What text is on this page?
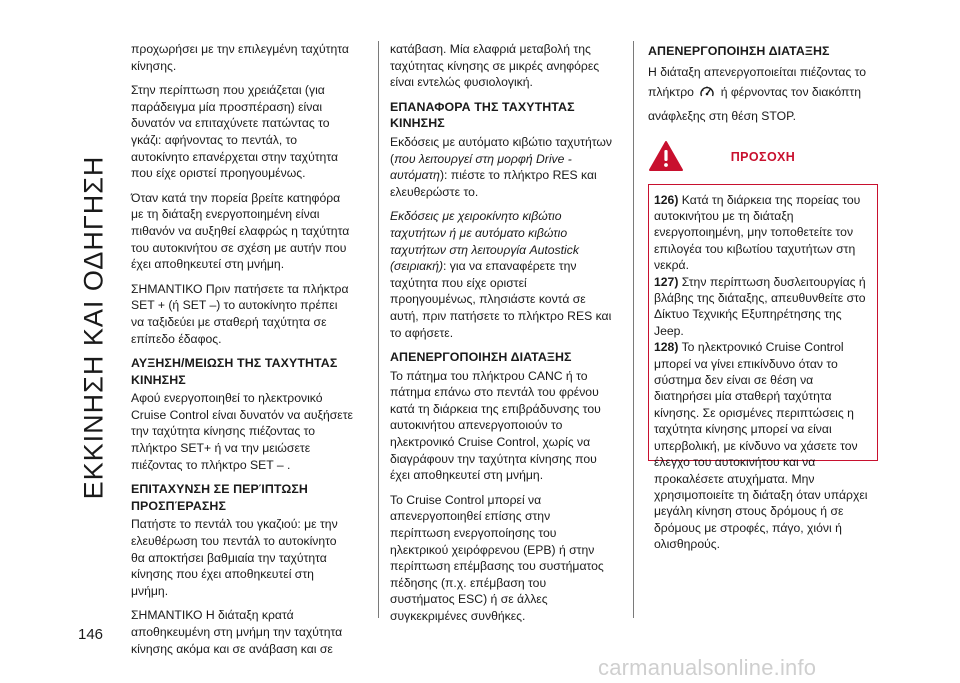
ΕΚΚΙΝΗΣΗ ΚΑΙ ΟΔΗΓΗΣΗ
146

προχωρήσει με την επιλεγμένη ταχύτητα κίνησης.

Στην περίπτωση που χρειάζεται (για παράδειγμα μία προσπέραση) είναι δυνατόν να επιταχύνετε πατώντας το γκάζι: αφήνοντας το πεντάλ, το αυτοκίνητο επανέρχεται στην ταχύτητα που είχε οριστεί προηγουμένως.

Όταν κατά την πορεία βρείτε κατηφόρα με τη διάταξη ενεργοποιημένη είναι πιθανόν να αυξηθεί ελαφρώς η ταχύτητα του αυτοκινήτου σε σχέση με αυτήν που έχει αποθηκευτεί στη μνήμη.

ΣΗΜΑΝΤΙΚΟ Πριν πατήσετε τα πλήκτρα SET + (ή SET –) το αυτοκίνητο πρέπει να ταξιδεύει με σταθερή ταχύτητα σε επίπεδο έδαφος.

ΑΥΞΗΣΗ/ΜΕΙΩΣΗ ΤΗΣ ΤΑΧΥΤΗΤΑΣ ΚΙΝΗΣΗΣ

Αφού ενεργοποιηθεί το ηλεκτρονικό Cruise Control είναι δυνατόν να αυξήσετε την ταχύτητα κίνησης πιέζοντας το πλήκτρο SET+ ή να την μειώσετε πιέζοντας το πλήκτρο SET – .

ΕΠΙΤΑΧΥΝΣΗ ΣΕ ΠΕΡΊΠΤΩΣΗ ΠΡΟΣΠΈΡΑΣΗΣ

Πατήστε το πεντάλ του γκαζιού: με την ελευθέρωση του πεντάλ το αυτοκίνητο θα αποκτήσει βαθμιαία την ταχύτητα κίνησης που έχει αποθηκευτεί στη μνήμη.

ΣΗΜΑΝΤΙΚΟ Η διάταξη κρατά αποθηκευμένη στη μνήμη την ταχύτητα κίνησης ακόμα και σε ανάβαση και σε

κατάβαση. Μία ελαφριά μεταβολή της ταχύτητας κίνησης σε μικρές ανηφόρες είναι εντελώς φυσιολογική.

ΕΠΑΝΑΦΟΡΑ ΤΗΣ ΤΑΧΥΤΗΤΑΣ ΚΙΝΗΣΗΣ

Εκδόσεις με αυτόματο κιβώτιο ταχυτήτων (που λειτουργεί στη μορφή Drive - αυτόματη): πιέστε το πλήκτρο RES και ελευθερώστε το.

Εκδόσεις με χειροκίνητο κιβώτιο ταχυτήτων ή με αυτόματο κιβώτιο ταχυτήτων στη λειτουργία Autostick (σειριακή): για να επαναφέρετε την ταχύτητα που είχε οριστεί προηγουμένως, πλησιάστε κοντά σε αυτή, πριν πατήσετε το πλήκτρο RES και το αφήσετε.

ΑΠΕΝΕΡΓΟΠΟΙΗΣΗ ΔΙΑΤΑΞΗΣ

Το πάτημα του πλήκτρου CANC ή το πάτημα επάνω στο πεντάλ του φρένου κατά τη διάρκεια της επιβράδυνσης του αυτοκινήτου απενεργοποιούν το ηλεκτρονικό Cruise Control, χωρίς να διαγράφουν την ταχύτητα κίνησης που έχει αποθηκευτεί στη μνήμη.

Το Cruise Control μπορεί να απενεργοποιηθεί επίσης στην περίπτωση ενεργοποίησης του ηλεκτρικού χειρόφρενου (EPB) ή στην περίπτωση επέμβασης του συστήματος πέδησης (π.χ. επέμβαση του συστήματος ESC) ή σε άλλες συγκεκριμένες συνθήκες.

ΑΠΕΝΕΡΓΟΠΟΙΗΣΗ ΔΙΑΤΑΞΗΣ

Η διάταξη απενεργοποιείται πιέζοντας το πλήκτρο ή φέρνοντας τον διακόπτη ανάφλεξης στη θέση STOP.

ΠΡΟΣΟΧΗ

126) Κατά τη διάρκεια της πορείας του αυτοκινήτου με τη διάταξη ενεργοποιημένη, μην τοποθετείτε τον επιλογέα του κιβωτίου ταχυτήτων στη νεκρά.

127) Στην περίπτωση δυσλειτουργίας ή βλάβης της διάταξης, απευθυνθείτε στο Δίκτυο Τεχνικής Εξυπηρέτησης της Jeep.

128) Το ηλεκτρονικό Cruise Control μπορεί να γίνει επικίνδυνο όταν το σύστημα δεν είναι σε θέση να διατηρήσει μία σταθερή ταχύτητα κίνησης. Σε ορισμένες περιπτώσεις η ταχύτητα κίνησης μπορεί να είναι υπερβολική, με κίνδυνο να χάσετε τον έλεγχο του αυτοκινήτου και να προκαλέσετε ατυχήματα. Μην χρησιμοποιείτε τη διάταξη όταν υπάρχει μεγάλη κίνηση στους δρόμους ή σε δρόμους με στροφές, πάγο, χιόνι ή ολισθηρούς.

carmanualsonline.info
